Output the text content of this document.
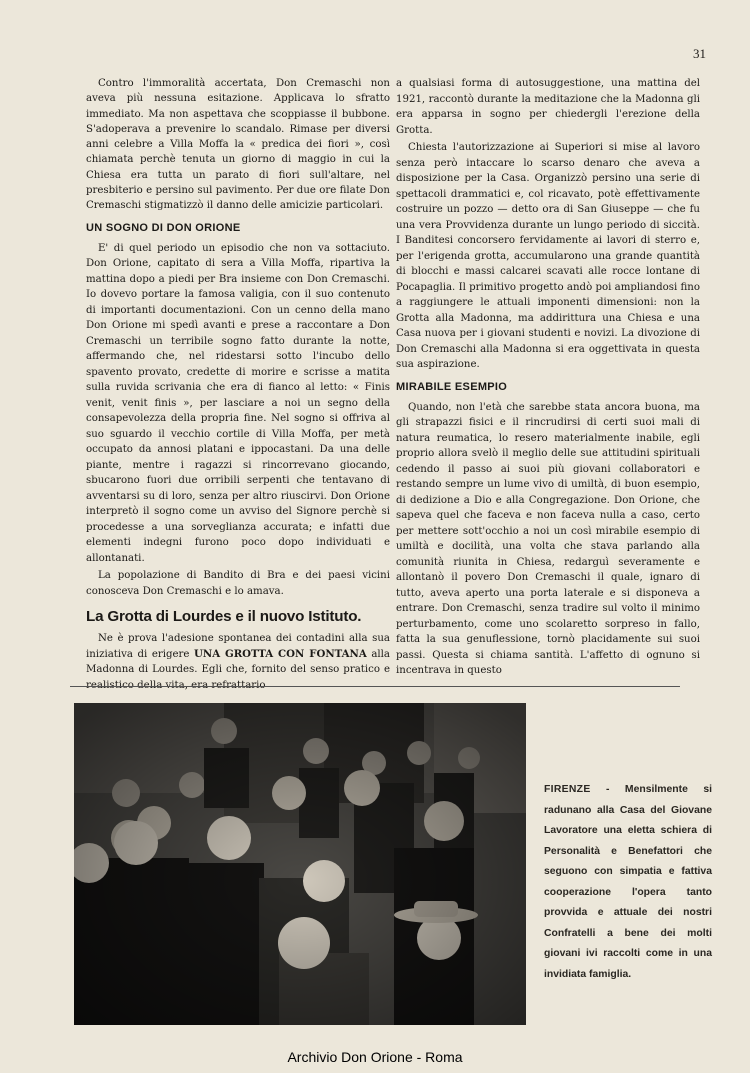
31

Contro l'immoralità accertata, Don Cremaschi non aveva più nessuna esitazione. Applicava lo sfratto immediato. Ma non aspettava che scoppiasse il bubbone. S'adoperava a prevenire lo scandalo. Rimase per diversi anni celebre a Villa Moffa la « predica dei fiori », così chiamata perchè tenuta un giorno di maggio in cui la Chiesa era tutta un parato di fiori sull'altare, nel presbiterio e persino sul pavimento. Per due ore filate Don Cremaschi stigmatizzò il danno delle amicizie particolari.

UN SOGNO DI DON ORIONE

E' di quel periodo un episodio che non va sottaciuto. Don Orione, capitato di sera a Villa Moffa, ripartiva la mattina dopo a piedi per Bra insieme con Don Cremaschi. Io dovevo portare la famosa valigia, con il suo contenuto di importanti documentazioni. Con un cenno della mano Don Orione mi spedì avanti e prese a raccontare a Don Cremaschi un terribile sogno fatto durante la notte, affermando che, nel ridestarsi sotto l'incubo dello spavento provato, credette di morire e scrisse a matita sulla ruvida scrivania che era di fianco al letto: « Finis venit, venit finis », per lasciare a noi un segno della consapevolezza della propria fine. Nel sogno si offriva al suo sguardo il vecchio cortile di Villa Moffa, per metà occupato da annosi platani e ippocastani. Da una delle piante, mentre i ragazzi si rincorrevano giocando, sbucarono fuori due orribili serpenti che tentavano di avventarsi su di loro, senza per altro riuscirvi. Don Orione interpretò il sogno come un avviso del Signore perchè si procedesse a una sorveglianza accurata; e infatti due elementi indegni furono poco dopo individuati e allontanati.

La popolazione di Bandito di Bra e dei paesi vicini conosceva Don Cremaschi e lo amava.

La Grotta di Lourdes e il nuovo Istituto.

Ne è prova l'adesione spontanea dei contadini alla sua iniziativa di erigere UNA GROTTA CON FONTANA alla Madonna di Lourdes. Egli che, fornito del senso pratico e

a qualsiasi forma di autosuggestione, una mattina del 1921, raccontò durante la meditazione che la Madonna gli era apparsa in sogno per chiedergli l'erezione della Grotta.

Chiesta l'autorizzazione ai Superiori si mise al lavoro senza però intaccare lo scarso denaro che aveva a disposizione per la Casa. Organizzò persino una serie di spettacoli drammatici e, col ricavato, potè effettivamente costruire un pozzo — detto ora di San Giuseppe — che fu una vera Provvidenza durante un lungo periodo di siccità. I Banditesi concorsero fervidamente ai lavori di sterro e, per l'erigenda grotta, accumularono una grande quantità di blocchi e massi calcarei scavati alle rocce lontane di Pocapaglia. Il primitivo progetto andò poi ampliandosi fino a raggiungere le attuali imponenti dimensioni: non la Grotta alla Madonna, ma addirittura una Chiesa e una Casa nuova per i giovani studenti e novizi. La divozione di Don Cremaschi alla Madonna si era oggettivata in questa sua aspirazione.

MIRABILE ESEMPIO

Quando, non l'età che sarebbe stata ancora buona, ma gli strapazzi fisici e il rincrudirsi di certi suoi mali di natura reumatica, lo resero materialmente inabile, egli proprio allora svelò il meglio delle sue attitudini spirituali cedendo il passo ai suoi più giovani collaboratori e restando sempre un lume vivo di umiltà, di buon esempio, di dedizione a Dio e alla Congregazione. Don Orione, che sapeva quel che faceva e non faceva nulla a caso, certo per mettere sott'occhio a noi un così mirabile esempio di umiltà e docilità, una volta che stava parlando alla comunità riunita in Chiesa, redarguì severamente e allontanò il povero Don Cremaschi il quale, ignaro di tutto, aveva aperto una porta laterale e si disponeva a entrare. Don Cremaschi, senza tradire sul volto il minimo perturbamento, come uno scolaretto sorpreso in fallo, fatta la sua genuflessione, tornò placidamente sui suoi passi. Questa si chiama santità. L'affetto di ognuno si incentrava in questo

FIRENZE - Mensilmente si radunano alla Casa del Giovane Lavoratore una eletta schiera di Personalità e Benefattori che seguono con simpatia e fattiva cooperazione l'opera tanto provvida e attuale dei nostri Confratelli a bene dei molti giovani ivi raccolti come in una invidiata famiglia.
Archivio Don Orione - Roma
